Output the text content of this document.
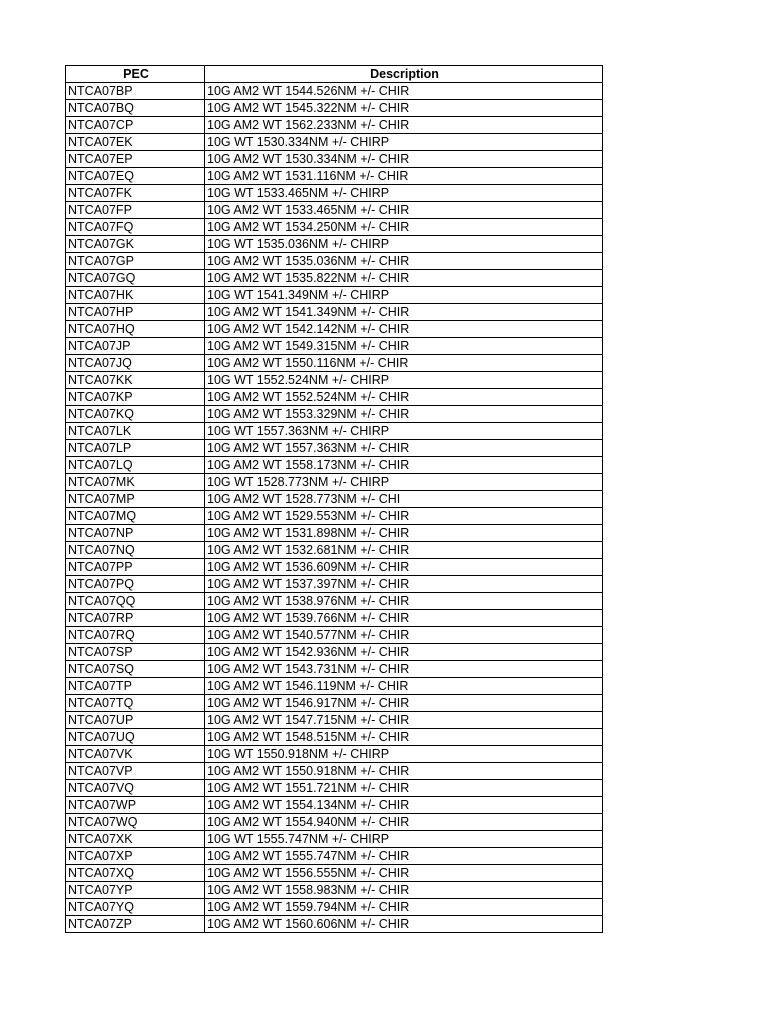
PEC	Description
NTCA07BP	10G AM2 WT 1544.526NM +/- CHIR
NTCA07BQ	10G AM2 WT 1545.322NM +/- CHIR
NTCA07CP	10G AM2 WT 1562.233NM +/- CHIR
NTCA07EK	10G WT 1530.334NM +/- CHIRP
NTCA07EP	10G AM2 WT 1530.334NM +/- CHIR
NTCA07EQ	10G AM2 WT 1531.116NM +/- CHIR
NTCA07FK	10G WT 1533.465NM +/- CHIRP
NTCA07FP	10G AM2 WT 1533.465NM +/- CHIR
NTCA07FQ	10G AM2 WT 1534.250NM +/- CHIR
NTCA07GK	10G WT 1535.036NM +/- CHIRP
NTCA07GP	10G AM2 WT 1535.036NM +/- CHIR
NTCA07GQ	10G AM2 WT 1535.822NM +/- CHIR
NTCA07HK	10G WT 1541.349NM +/- CHIRP
NTCA07HP	10G AM2 WT 1541.349NM +/- CHIR
NTCA07HQ	10G AM2 WT 1542.142NM +/- CHIR
NTCA07JP	10G AM2 WT 1549.315NM +/- CHIR
NTCA07JQ	10G AM2 WT 1550.116NM +/- CHIR
NTCA07KK	10G WT 1552.524NM +/- CHIRP
NTCA07KP	10G AM2 WT 1552.524NM +/- CHIR
NTCA07KQ	10G AM2 WT 1553.329NM +/- CHIR
NTCA07LK	10G WT 1557.363NM +/- CHIRP
NTCA07LP	10G AM2 WT 1557.363NM +/- CHIR
NTCA07LQ	10G AM2 WT 1558.173NM +/- CHIR
NTCA07MK	10G WT 1528.773NM +/- CHIRP
NTCA07MP	10G AM2 WT 1528.773NM +/- CHI
NTCA07MQ	10G AM2 WT 1529.553NM +/- CHIR
NTCA07NP	10G AM2 WT 1531.898NM +/- CHIR
NTCA07NQ	10G AM2 WT 1532.681NM +/- CHIR
NTCA07PP	10G AM2 WT 1536.609NM +/- CHIR
NTCA07PQ	10G AM2 WT 1537.397NM +/- CHIR
NTCA07QQ	10G AM2 WT 1538.976NM +/- CHIR
NTCA07RP	10G AM2 WT 1539.766NM +/- CHIR
NTCA07RQ	10G AM2 WT 1540.577NM +/- CHIR
NTCA07SP	10G AM2 WT 1542.936NM +/- CHIR
NTCA07SQ	10G AM2 WT 1543.731NM +/- CHIR
NTCA07TP	10G AM2 WT 1546.119NM +/- CHIR
NTCA07TQ	10G AM2 WT 1546.917NM +/- CHIR
NTCA07UP	10G AM2 WT 1547.715NM +/- CHIR
NTCA07UQ	10G AM2 WT 1548.515NM +/- CHIR
NTCA07VK	10G WT 1550.918NM +/- CHIRP
NTCA07VP	10G AM2 WT 1550.918NM +/- CHIR
NTCA07VQ	10G AM2 WT 1551.721NM +/- CHIR
NTCA07WP	10G AM2 WT 1554.134NM +/- CHIR
NTCA07WQ	10G AM2 WT 1554.940NM +/- CHIR
NTCA07XK	10G WT 1555.747NM +/- CHIRP
NTCA07XP	10G AM2 WT 1555.747NM +/- CHIR
NTCA07XQ	10G AM2 WT 1556.555NM +/- CHIR
NTCA07YP	10G AM2 WT 1558.983NM +/- CHIR
NTCA07YQ	10G AM2 WT 1559.794NM +/- CHIR
NTCA07ZP	10G AM2 WT 1560.606NM +/- CHIR
